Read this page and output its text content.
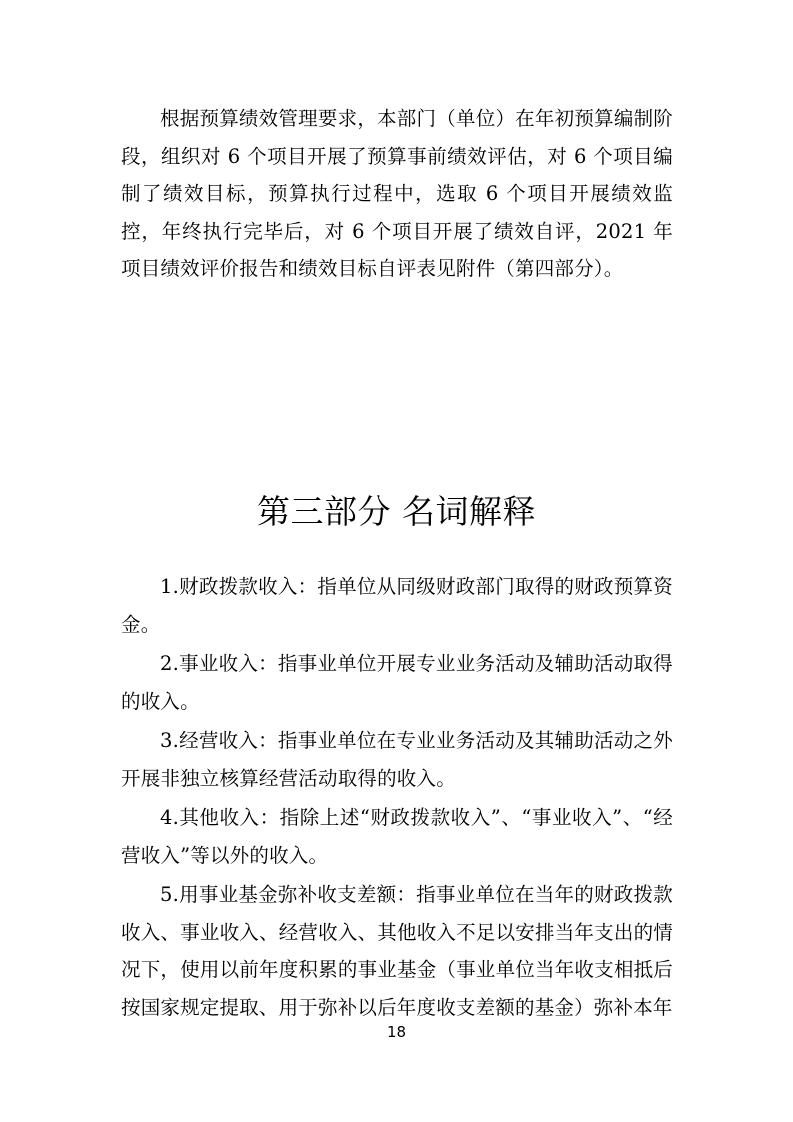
根据预算绩效管理要求，本部门（单位）在年初预算编制阶段，组织对 6 个项目开展了预算事前绩效评估，对 6 个项目编制了绩效目标，预算执行过程中，选取 6 个项目开展绩效监控，年终执行完毕后，对 6 个项目开展了绩效自评，2021 年项目绩效评价报告和绩效目标自评表见附件（第四部分）。

第三部分 名词解释

1.财政拨款收入：指单位从同级财政部门取得的财政预算资金。

2.事业收入：指事业单位开展专业业务活动及辅助活动取得的收入。

3.经营收入：指事业单位在专业业务活动及其辅助活动之外开展非独立核算经营活动取得的收入。

4.其他收入：指除上述“财政拨款收入”、“事业收入”、“经营收入”等以外的收入。

5.用事业基金弥补收支差额：指事业单位在当年的财政拨款收入、事业收入、经营收入、其他收入不足以安排当年支出的情况下，使用以前年度积累的事业基金（事业单位当年收支相抵后按国家规定提取、用于弥补以后年度收支差额的基金）弥补本年

18
